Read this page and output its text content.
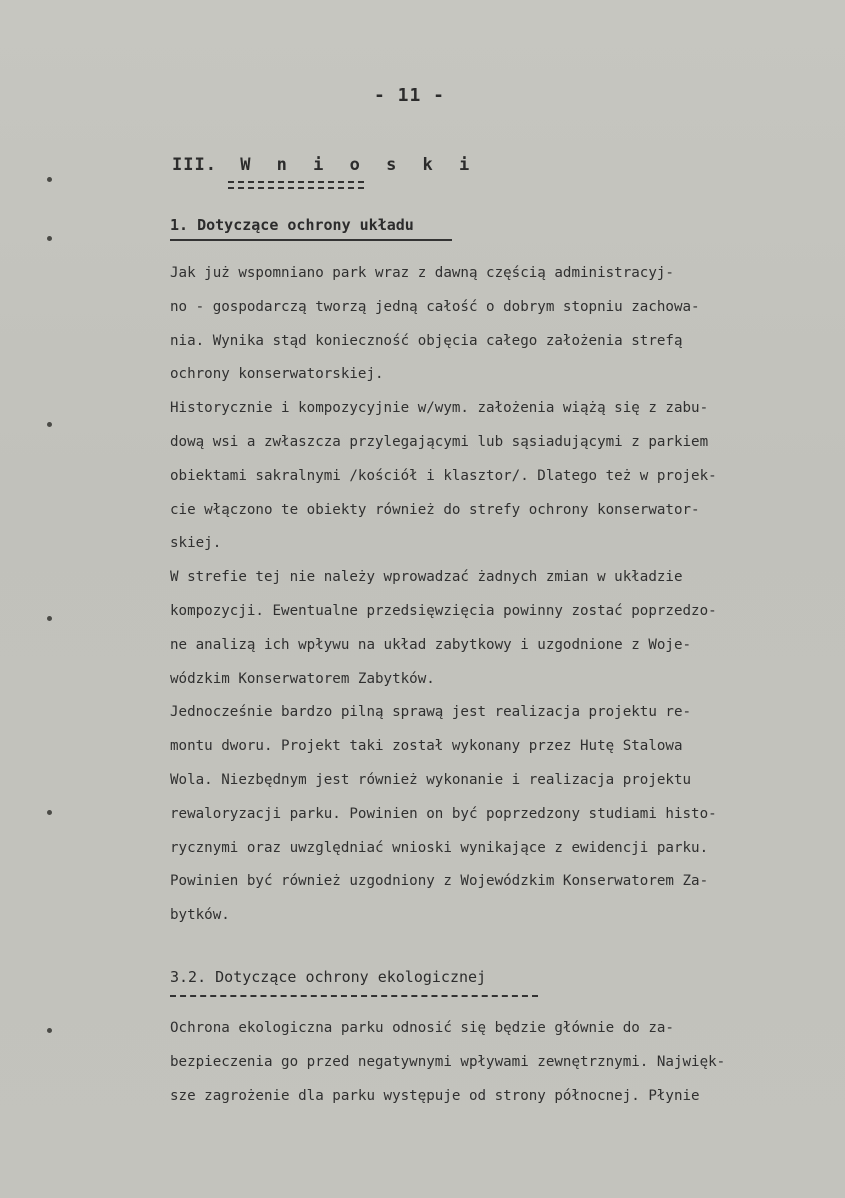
- 11 -
III. W n i o s k i
1. Dotyczące ochrony układu
Jak już wspomniano park wraz z dawną częścią administracyj-
no - gospodarczą tworzą jedną całość o dobrym stopniu zachowa-
nia. Wynika stąd konieczność objęcia całego założenia strefą
ochrony konserwatorskiej.
Historycznie i kompozycyjnie w/wym. założenia wiążą się z zabu-
dową wsi a zwłaszcza przylegającymi lub sąsiadującymi z parkiem
obiektami sakralnymi /kościół i klasztor/. Dlatego też w projek-
cie włączono te obiekty również do strefy ochrony konserwator-
skiej.
W strefie tej nie należy wprowadzać żadnych zmian w układzie
kompozycji. Ewentualne przedsięwzięcia powinny zostać poprzedzo-
ne analizą ich wpływu na układ zabytkowy i uzgodnione z Woje-
wódzkim Konserwatorem Zabytków.
Jednocześnie bardzo pilną sprawą jest realizacja projektu re-
montu dworu. Projekt taki został wykonany przez Hutę Stalowa
Wola. Niezbędnym jest również wykonanie i realizacja projektu
rewaloryzacji parku. Powinien on być poprzedzony studiami histo-
rycznymi oraz uwzględniać wnioski wynikające z ewidencji parku.
Powinien być również uzgodniony z Wojewódzkim Konserwatorem Za-
bytków.
3.2. Dotyczące ochrony ekologicznej
Ochrona ekologiczna parku odnosić się będzie głównie do za-
bezpieczenia go przed negatywnymi wpływami zewnętrznymi. Najwięk-
sze zagrożenie dla parku występuje od strony północnej. Płynie
